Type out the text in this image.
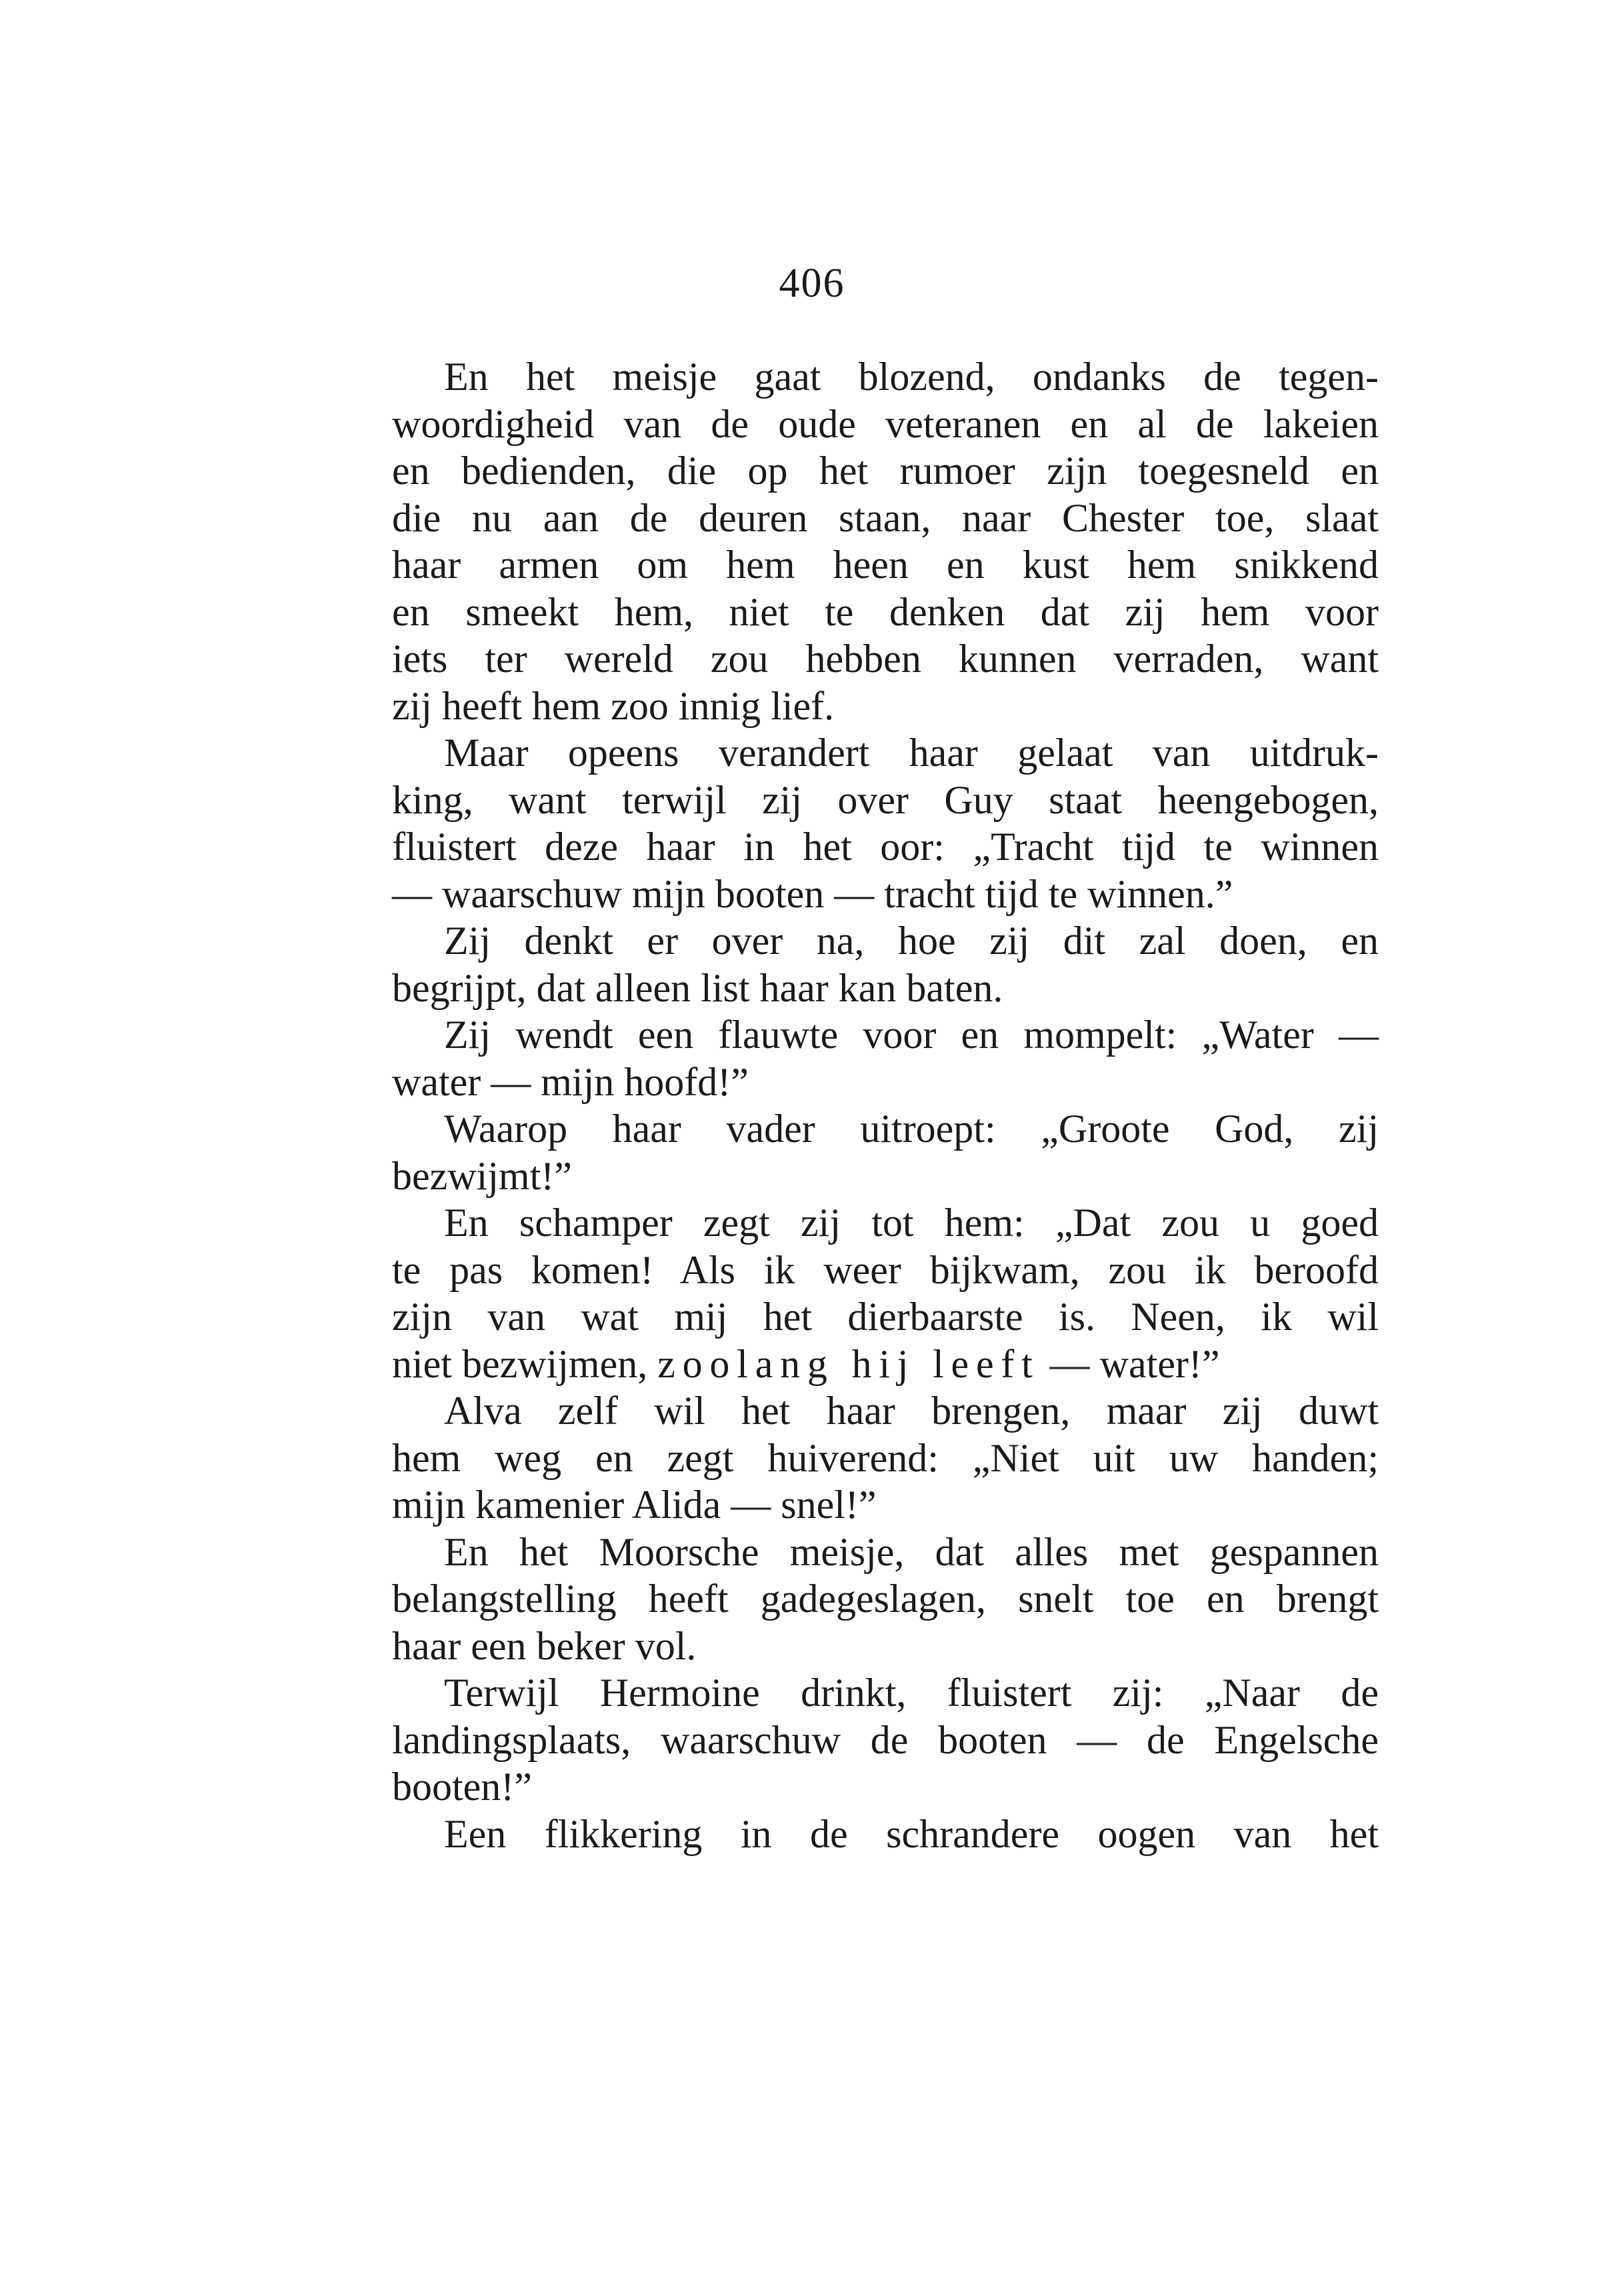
406
En het meisje gaat blozend, ondanks de tegen-
woordigheid van de oude veteranen en al de lakeien
en bedienden, die op het rumoer zijn toegesneld en
die nu aan de deuren staan, naar Chester toe, slaat
haar armen om hem heen en kust hem snikkend
en smeekt hem, niet te denken dat zij hem voor
iets ter wereld zou hebben kunnen verraden, want
zij heeft hem zoo innig lief.
Maar opeens verandert haar gelaat van uitdruk-
king, want terwijl zij over Guy staat heengebogen,
fluistert deze haar in het oor: „Tracht tijd te winnen
— waarschuw mijn booten — tracht tijd te winnen.”
Zij denkt er over na, hoe zij dit zal doen, en
begrijpt, dat alleen list haar kan baten.
Zij wendt een flauwte voor en mompelt: „Water —
water — mijn hoofd!”
Waarop haar vader uitroept: „Groote God, zij
bezwijmt!”
En schamper zegt zij tot hem: „Dat zou u goed
te pas komen! Als ik weer bijkwam, zou ik beroofd
zijn van wat mij het dierbaarste is. Neen, ik wil
niet bezwijmen, zoolang hij leeft — water!”
Alva zelf wil het haar brengen, maar zij duwt
hem weg en zegt huiverend: „Niet uit uw handen;
mijn kamenier Alida — snel!”
En het Moorsche meisje, dat alles met gespannen
belangstelling heeft gadegeslagen, snelt toe en brengt
haar een beker vol.
Terwijl Hermoine drinkt, fluistert zij: „Naar de
landingsplaats, waarschuw de booten — de Engelsche
booten!”
Een flikkering in de schrandere oogen van het
